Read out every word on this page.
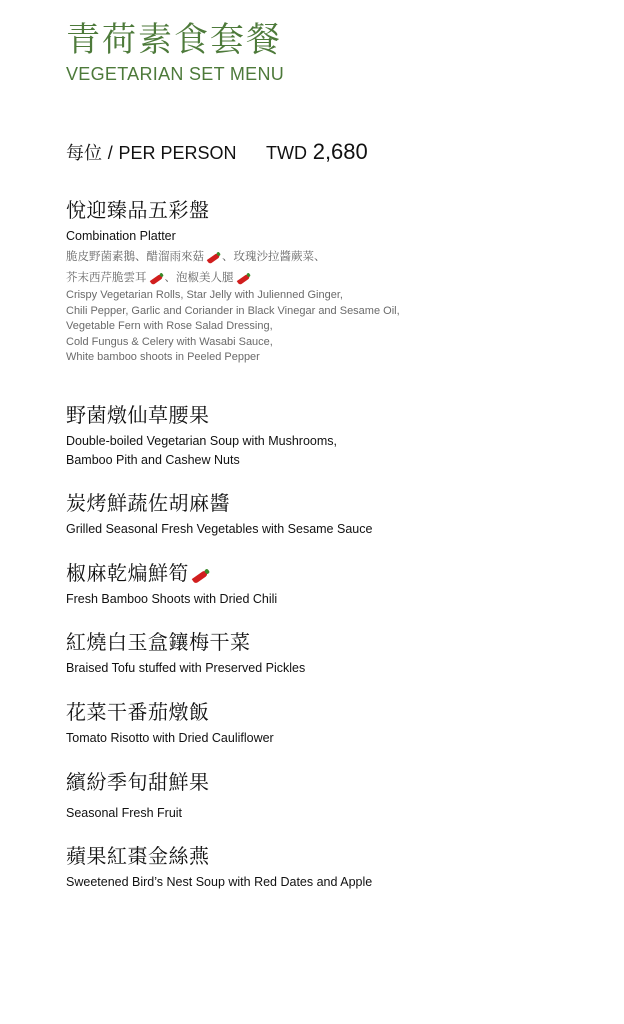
青荷素食套餐
VEGETARIAN SET MENU
每位 / PER PERSON TWD 2,680
悅迎臻品五彩盤
Combination Platter
脆皮野菌素鵝、醋溜雨來菇 、玫瑰沙拉醬蕨菜、
芥末西芹脆雲耳 、泡椒美人腿
Crispy Vegetarian Rolls, Star Jelly with Julienned Ginger,
Chili Pepper, Garlic and Coriander in Black Vinegar and Sesame Oil,
Vegetable Fern with Rose Salad Dressing,
Cold Fungus & Celery with Wasabi Sauce,
White bamboo shoots in Peeled Pepper
野菌燉仙草腰果
Double-boiled Vegetarian Soup with Mushrooms,
Bamboo Pith and Cashew Nuts
炭烤鮮蔬佐胡麻醬
Grilled Seasonal Fresh Vegetables with Sesame Sauce
椒麻乾煸鮮筍
Fresh Bamboo Shoots with Dried Chili
紅燒白玉盒鑲梅干菜
Braised Tofu stuffed with Preserved Pickles
花菜干番茄燉飯
Tomato Risotto with Dried Cauliflower
繽紛季旬甜鮮果
Seasonal Fresh Fruit
蘋果紅棗金絲燕
Sweetened Bird’s Nest Soup with Red Dates and Apple
